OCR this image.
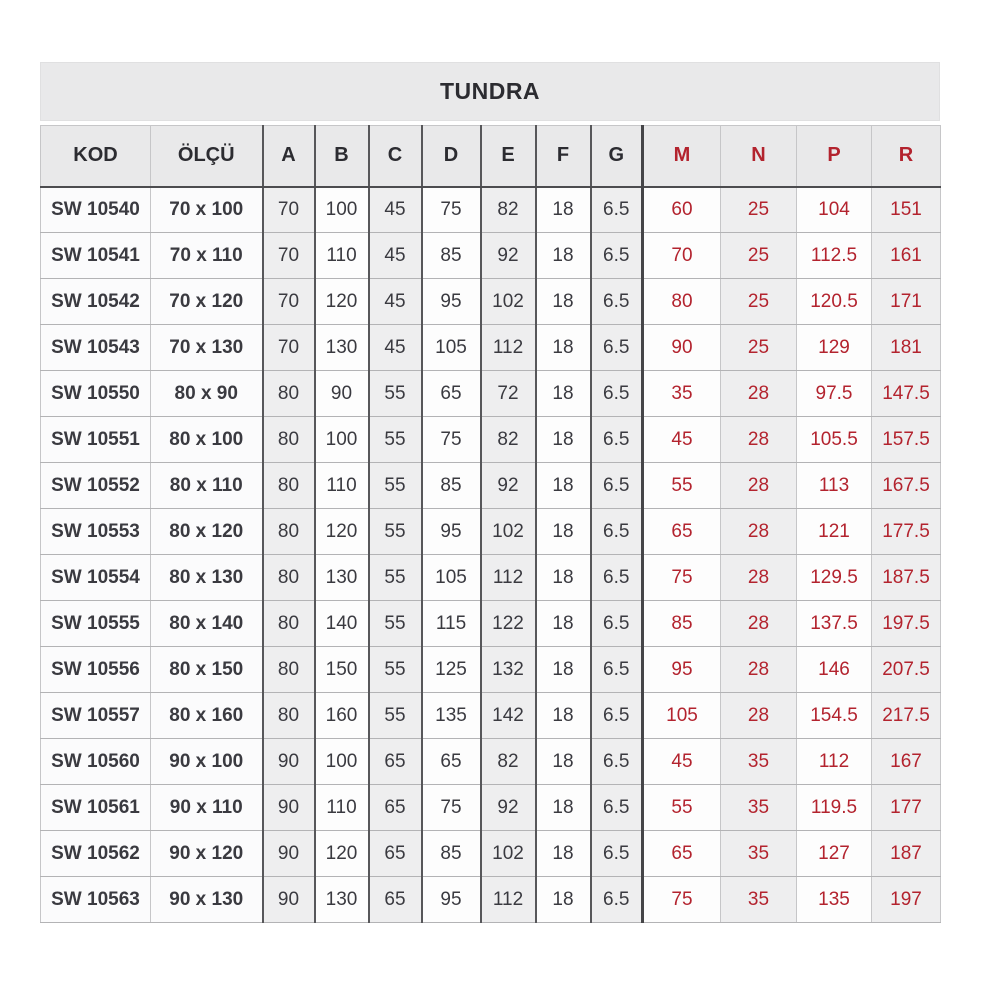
TUNDRA
KOD	ÖLÇÜ	A	B	C	D	E	F	G	M	N	P	R
SW 10540	70 x 100	70	100	45	75	82	18	6.5	60	25	104	151
SW 10541	70 x 110	70	110	45	85	92	18	6.5	70	25	112.5	161
SW 10542	70 x 120	70	120	45	95	102	18	6.5	80	25	120.5	171
SW 10543	70 x 130	70	130	45	105	112	18	6.5	90	25	129	181
SW 10550	80 x 90	80	90	55	65	72	18	6.5	35	28	97.5	147.5
SW 10551	80 x 100	80	100	55	75	82	18	6.5	45	28	105.5	157.5
SW 10552	80 x 110	80	110	55	85	92	18	6.5	55	28	113	167.5
SW 10553	80 x 120	80	120	55	95	102	18	6.5	65	28	121	177.5
SW 10554	80 x 130	80	130	55	105	112	18	6.5	75	28	129.5	187.5
SW 10555	80 x 140	80	140	55	115	122	18	6.5	85	28	137.5	197.5
SW 10556	80 x 150	80	150	55	125	132	18	6.5	95	28	146	207.5
SW 10557	80 x 160	80	160	55	135	142	18	6.5	105	28	154.5	217.5
SW 10560	90 x 100	90	100	65	65	82	18	6.5	45	35	112	167
SW 10561	90 x 110	90	110	65	75	92	18	6.5	55	35	119.5	177
SW 10562	90 x 120	90	120	65	85	102	18	6.5	65	35	127	187
SW 10563	90 x 130	90	130	65	95	112	18	6.5	75	35	135	197
